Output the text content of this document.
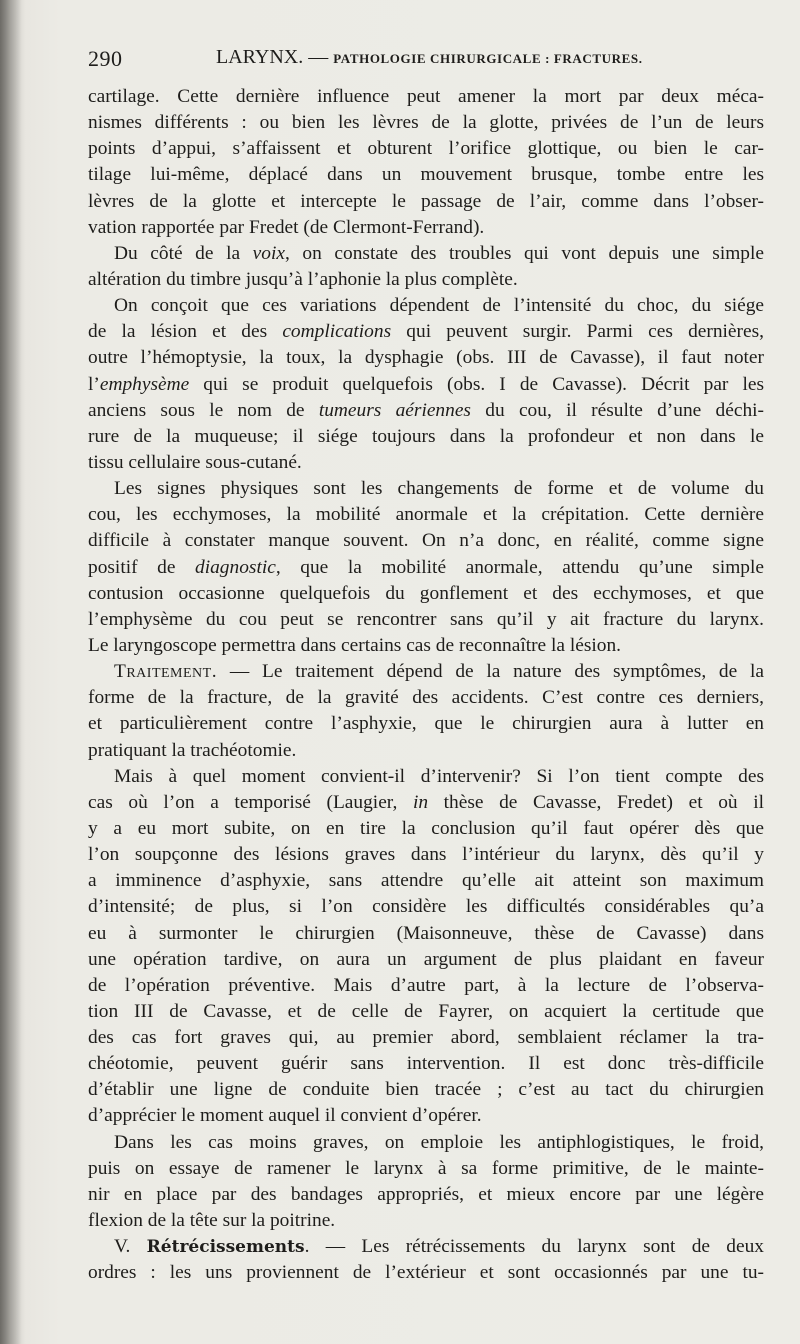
290	LARYNX. — PATHOLOGIE CHIRURGICALE : FRACTURES.
cartilage. Cette dernière influence peut amener la mort par deux méca-
nismes différents : ou bien les lèvres de la glotte, privées de l’un de leurs
points d’appui, s’affaissent et obturent l’orifice glottique, ou bien le car-
tilage lui-même, déplacé dans un mouvement brusque, tombe entre les
lèvres de la glotte et intercepte le passage de l’air, comme dans l’obser-
vation rapportée par Fredet (de Clermont-Ferrand).
Du côté de la voix, on constate des troubles qui vont depuis une simple
altération du timbre jusqu’à l’aphonie la plus complète.
On conçoit que ces variations dépendent de l’intensité du choc, du siége
de la lésion et des complications qui peuvent surgir. Parmi ces dernières,
outre l’hémoptysie, la toux, la dysphagie (obs. III de Cavasse), il faut noter
l’emphysème qui se produit quelquefois (obs. I de Cavasse). Décrit par les
anciens sous le nom de tumeurs aériennes du cou, il résulte d’une déchi-
rure de la muqueuse; il siége toujours dans la profondeur et non dans le
tissu cellulaire sous-cutané.
Les signes physiques sont les changements de forme et de volume du
cou, les ecchymoses, la mobilité anormale et la crépitation. Cette dernière
difficile à constater manque souvent. On n’a donc, en réalité, comme signe
positif de diagnostic, que la mobilité anormale, attendu qu’une simple
contusion occasionne quelquefois du gonflement et des ecchymoses, et que
l’emphysème du cou peut se rencontrer sans qu’il y ait fracture du larynx.
Le laryngoscope permettra dans certains cas de reconnaître la lésion.
Traitement. — Le traitement dépend de la nature des symptômes, de la
forme de la fracture, de la gravité des accidents. C’est contre ces derniers,
et particulièrement contre l’asphyxie, que le chirurgien aura à lutter en
pratiquant la trachéotomie.
Mais à quel moment convient-il d’intervenir? Si l’on tient compte des
cas où l’on a temporisé (Laugier, in thèse de Cavasse, Fredet) et où il
y a eu mort subite, on en tire la conclusion qu’il faut opérer dès que
l’on soupçonne des lésions graves dans l’intérieur du larynx, dès qu’il y
a imminence d’asphyxie, sans attendre qu’elle ait atteint son maximum
d’intensité; de plus, si l’on considère les difficultés considérables qu’a
eu à surmonter le chirurgien (Maisonneuve, thèse de Cavasse) dans
une opération tardive, on aura un argument de plus plaidant en faveur
de l’opération préventive. Mais d’autre part, à la lecture de l’observa-
tion III de Cavasse, et de celle de Fayrer, on acquiert la certitude que
des cas fort graves qui, au premier abord, semblaient réclamer la tra-
chéotomie, peuvent guérir sans intervention. Il est donc très-difficile
d’établir une ligne de conduite bien tracée ; c’est au tact du chirurgien
d’apprécier le moment auquel il convient d’opérer.
Dans les cas moins graves, on emploie les antiphlogistiques, le froid,
puis on essaye de ramener le larynx à sa forme primitive, de le mainte-
nir en place par des bandages appropriés, et mieux encore par une légère
flexion de la tête sur la poitrine.
V. Rétrécissements. — Les rétrécissements du larynx sont de deux
ordres : les uns proviennent de l’extérieur et sont occasionnés par une tu-
